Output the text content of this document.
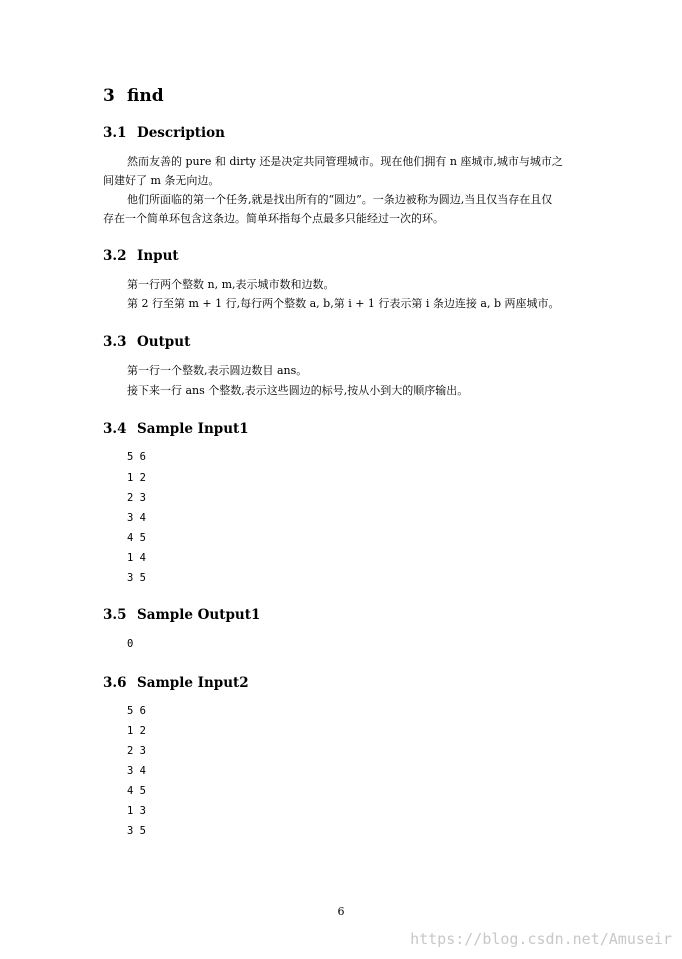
3 find
3.1 Description
然而友善的 pure 和 dirty 还是决定共同管理城市。现在他们拥有 n 座城市,城市与城市之
间建好了 m 条无向边。
他们所面临的第一个任务,就是找出所有的“圆边”。一条边被称为圆边,当且仅当存在且仅
存在一个简单环包含这条边。简单环指每个点最多只能经过一次的环。
3.2 Input
第一行两个整数 n, m,表示城市数和边数。
第 2 行至第 m + 1 行,每行两个整数 a, b,第 i + 1 行表示第 i 条边连接 a, b 两座城市。
3.3 Output
第一行一个整数,表示圆边数目 ans。
接下来一行 ans 个整数,表示这些圆边的标号,按从小到大的顺序输出。
3.4 Sample Input1
5 6
1 2
2 3
3 4
4 5
1 4
3 5
3.5 Sample Output1
0
3.6 Sample Input2
5 6
1 2
2 3
3 4
4 5
1 3
3 5
6
https://blog.csdn.net/Amuseir
